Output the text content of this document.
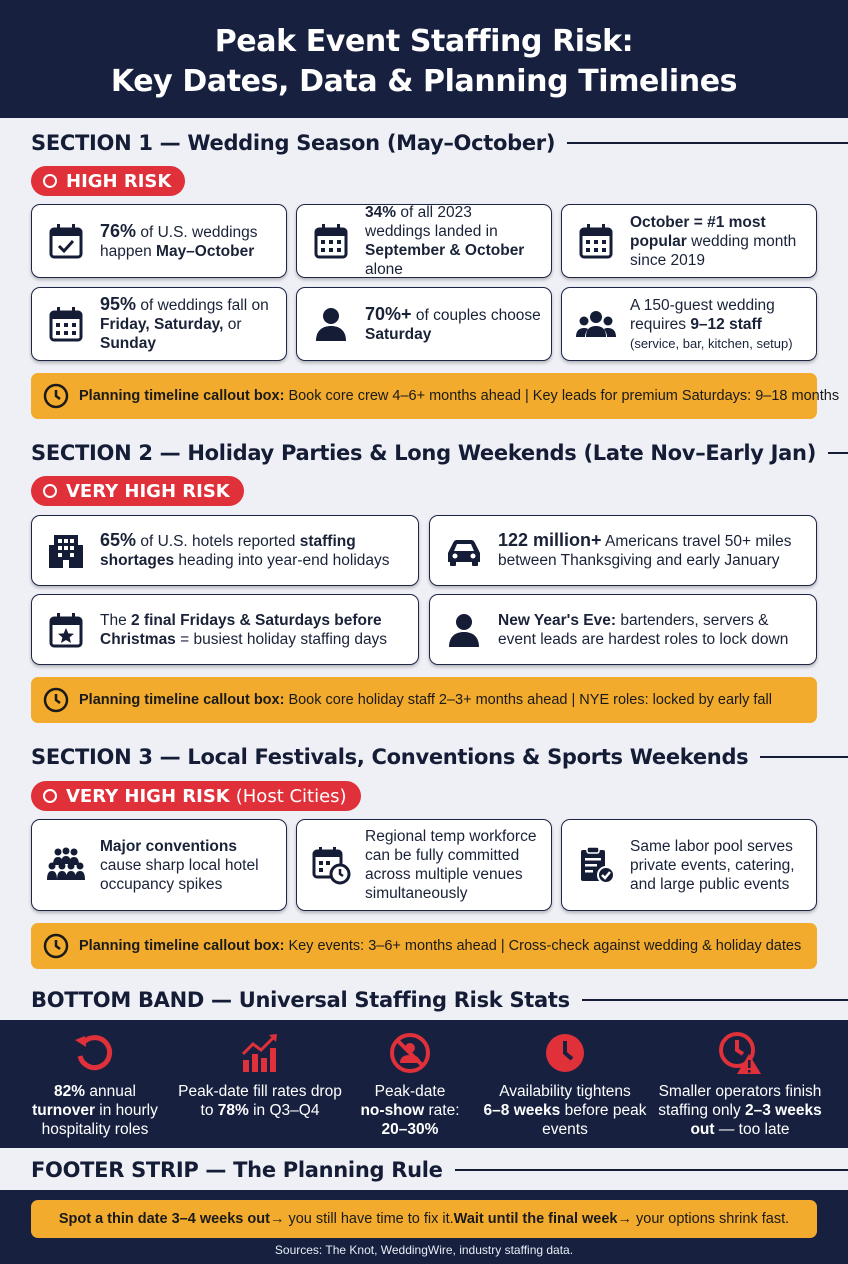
Peak Event Staffing Risk:
Key Dates, Data & Planning Timelines
SECTION 1 — Wedding Season (May–October)
HIGH RISK
76% of U.S. weddings happen May–October
34% of all 2023 weddings landed in September & October alone
October = #1 most popular wedding month since 2019
95% of weddings fall on Friday, Saturday, or Sunday
70%+ of couples choose Saturday
A 150-guest wedding requires 9–12 staff
(service, bar, kitchen, setup)
Planning timeline callout box: Book core crew 4–6+ months ahead | Key leads for premium Saturdays: 9–18 months
SECTION 2 — Holiday Parties & Long Weekends (Late Nov–Early Jan)
VERY HIGH RISK
65% of U.S. hotels reported staffing shortages heading into year-end holidays
122 million+ Americans travel 50+ miles between Thanksgiving and early January
The 2 final Fridays & Saturdays before Christmas = busiest holiday staffing days
New Year's Eve: bartenders, servers & event leads are hardest roles to lock down
Planning timeline callout box: Book core holiday staff 2–3+ months ahead | NYE roles: locked by early fall
SECTION 3 — Local Festivals, Conventions & Sports Weekends
VERY HIGH RISK (Host Cities)
Major conventions cause sharp local hotel occupancy spikes
Regional temp workforce can be fully committed across multiple venues simultaneously
Same labor pool serves private events, catering, and large public events
Planning timeline callout box: Key events: 3–6+ months ahead | Cross-check against wedding & holiday dates
BOTTOM BAND — Universal Staffing Risk Stats
82% annual
turnover in hourly hospitality roles
Peak-date fill rates drop to 78% in Q3–Q4
Peak-date
no-show rate:
20–30%
Availability tightens
6–8 weeks before peak events
Smaller operators finish staffing only 2–3 weeks out — too late
FOOTER STRIP — The Planning Rule
Spot a thin date 3–4 weeks out → you still have time to fix it. Wait until the final week → your options shrink fast.
Sources: The Knot, WeddingWire, industry staffing data.
